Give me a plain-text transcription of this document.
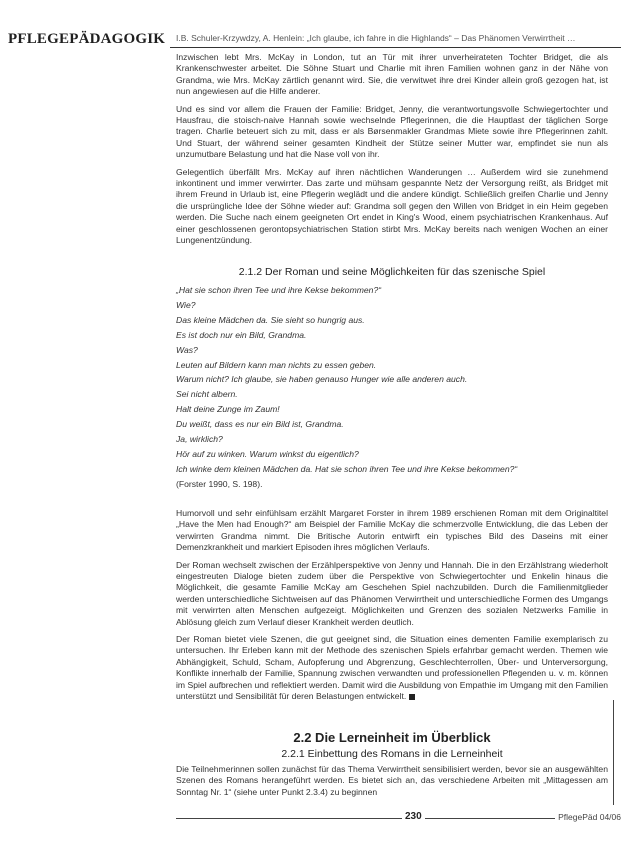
PFLEGEPÄDAGOGIK I.B. Schuler-Krzywdzy, A. Henlein: „Ich glaube, ich fahre in die Highlands“ – Das Phänomen Verwirrtheit …

Inzwischen lebt Mrs. McKay in London, tut an Tür mit ihrer unverheirateten Tochter Bridget, die als Krankenschwester arbeitet. Die Söhne Stuart und Charlie mit ihren Familien wohnen ganz in der Nähe von Grandma, wie Mrs. McKay zärtlich genannt wird. Sie, die verwitwet ihre drei Kinder allein groß gezogen hat, ist nun angewiesen auf die Hilfe anderer.

Und es sind vor allem die Frauen der Familie: Bridget, Jenny, die verantwortungsvolle Schwiegertochter und Hausfrau, die stoisch-naive Hannah sowie wechselnde Pflegerinnen, die die Hauptlast der täglichen Sorge tragen. Charlie beteuert sich zu mit, dass er als Børsenmakler Grandmas Miete sowie ihre Pflegerinnen zahlt. Und Stuart, der während seiner gesamten Kindheit der Stütze seiner Mutter war, empfindet sie nun als unzumutbare Belastung und hat die Nase voll von ihr.

Gelegentlich überfällt Mrs. McKay auf ihren nächtlichen Wanderungen … Außerdem wird sie zunehmend inkontinent und immer verwirrter. Das zarte und mühsam gespannte Netz der Versorgung reißt, als Bridget mit ihrem Freund in Urlaub ist, eine Pflegerin weglädt und die andere kündigt. Schließlich greifen Charlie und Jenny die ursprüngliche Idee der Söhne wieder auf: Grandma soll gegen den Willen von Bridget in ein Heim gegeben werden. Die Suche nach einem geeigneten Ort endet in King's Wood, einem psychiatrischen Krankenhaus. Auf einer geschlossenen gerontopsychiatrischen Station stirbt Mrs. McKay bereits nach wenigen Wochen an einer Lungenentzündung.

2.1.2 Der Roman und seine Möglichkeiten für das szenische Spiel
„Hat sie schon ihren Tee und ihre Kekse bekommen?“
Wie?
Das kleine Mädchen da. Sie sieht so hungrig aus.
Es ist doch nur ein Bild, Grandma.
Was?
Leuten auf Bildern kann man nichts zu essen geben.
Warum nicht? Ich glaube, sie haben genauso Hunger wie alle anderen auch.
Sei nicht albern.
Halt deine Zunge im Zaum!
Du weißt, dass es nur ein Bild ist, Grandma.
Ja, wirklich?
Hör auf zu winken. Warum winkst du eigentlich?
Ich winke dem kleinen Mädchen da. Hat sie schon ihren Tee und ihre Kekse bekommen?“
(Forster 1990, S. 198).

Humorvoll und sehr einfühlsam erzählt Margaret Forster in ihrem 1989 erschienen Roman mit dem Originaltitel „Have the Men had Enough?“ am Beispiel der Familie McKay die schmerzvolle Entwicklung, die das Leben der verwirrten Grandma nimmt. Die Britische Autorin entwirft ein typisches Bild des Daseins mit einer Demenzkrankheit und markiert Episoden ihres möglichen Verlaufs.

Der Roman wechselt zwischen der Erzählperspektive von Jenny und Hannah. Die in den Erzählstrang wiederholt eingestreuten Dialoge bieten zudem über die Perspektive von Schwiegertochter und Enkelin hinaus die Möglichkeit, die gesamte Familie McKay am Geschehen Spiel nachzubilden. Durch die Familienmitglieder werden unterschiedliche Sichtweisen auf das Phänomen Verwirrtheit und unterschiedliche Formen des Umgangs mit verwirrten alten Menschen aufgezeigt. Möglichkeiten und Grenzen des sozialen Netzwerks Familie in Ablösung gleich zum Verlauf dieser Krankheit werden deutlich.

Der Roman bietet viele Szenen, die gut geeignet sind, die Situation eines dementen Familie exemplarisch zu untersuchen. Ihr Erleben kann mit der Methode des szenischen Spiels erfahrbar gemacht werden. Themen wie Abhängigkeit, Schuld, Scham, Aufopferung und Abgrenzung, Geschlechterrollen, Über- und Unterversorgung, Konflikte innerhalb der Familie, Spannung zwischen verwandten und professionellen Pflegenden u. v. m. können im Spiel aufbrechen und reflektiert werden. Damit wird die Ausbildung von Empathie im Umgang mit den Familien unterstützt und Sensibilität für deren Belastungen entwickelt.

2.2 Die Lerneinheit im Überblick
2.2.1 Einbettung des Romans in die Lerneinheit

Die Teilnehmerinnen sollen zunächst für das Thema Verwirrtheit sensibilisiert werden, bevor sie an ausgewählten Szenen des Romans herangeführt werden. Es bietet sich an, das verschiedene Arbeiten mit „Mittagessen am Sonntag Nr. 1“ (siehe unter Punkt 2.3.4) zu beginnen

230	PflegePäd 04/06
